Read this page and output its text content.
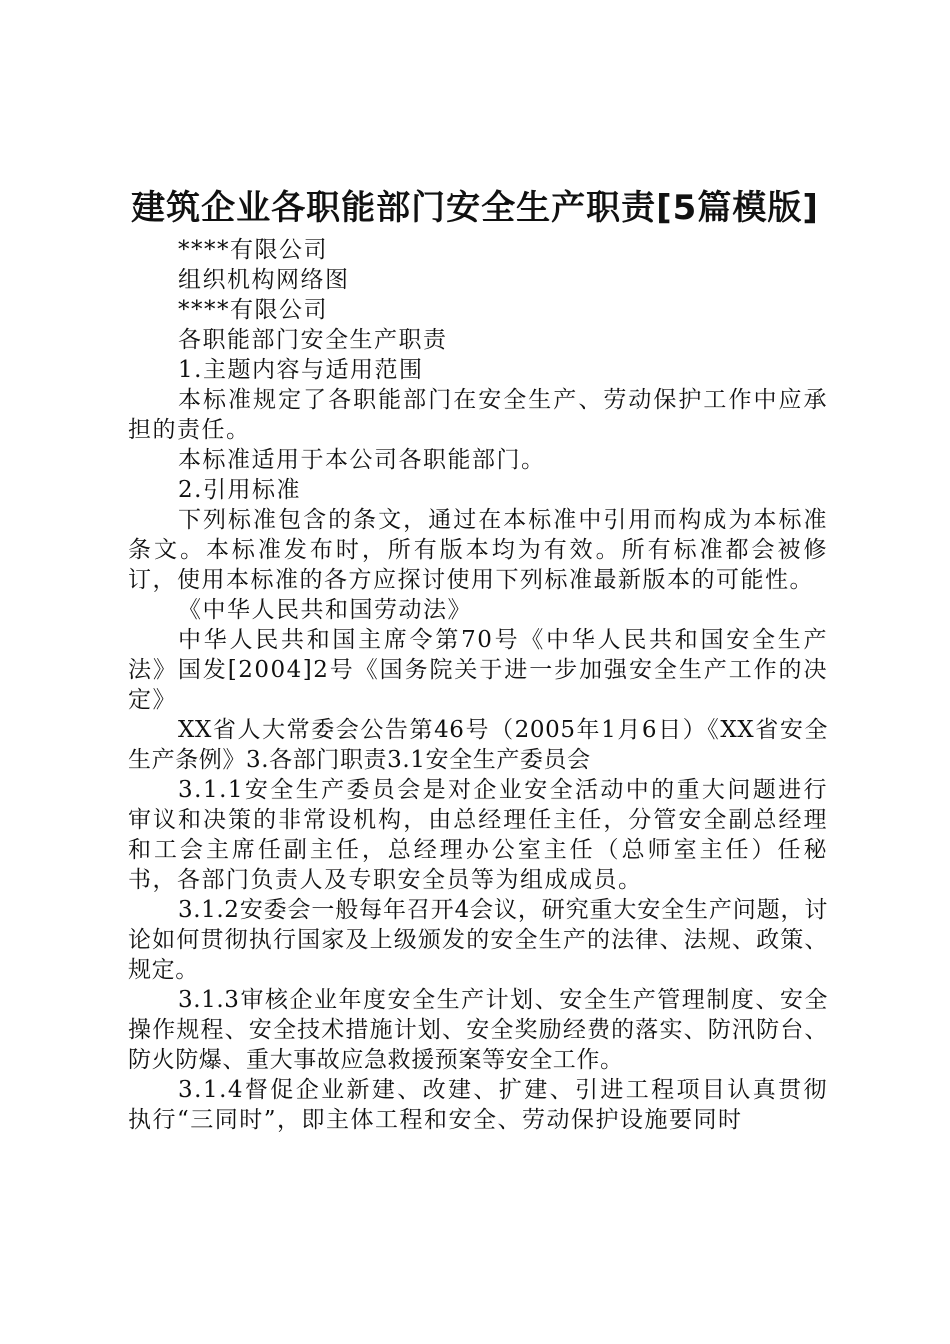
建筑企业各职能部门安全生产职责[5篇模版]

****有限公司

组织机构网络图

****有限公司

各职能部门安全生产职责

1.主题内容与适用范围

本标准规定了各职能部门在安全生产、劳动保护工作中应承担的责任。

本标准适用于本公司各职能部门。

2.引用标准

下列标准包含的条文，通过在本标准中引用而构成为本标准条文。本标准发布时，所有版本均为有效。所有标准都会被修订，使用本标准的各方应探讨使用下列标准最新版本的可能性。

《中华人民共和国劳动法》

中华人民共和国主席令第70号《中华人民共和国安全生产法》国发[2004]2号《国务院关于进一步加强安全生产工作的决定》

XX省人大常委会公告第46号（2005年1月6日）《XX省安全生产条例》3.各部门职责3.1安全生产委员会

3.1.1安全生产委员会是对企业安全活动中的重大问题进行审议和决策的非常设机构，由总经理任主任，分管安全副总经理和工会主席任副主任，总经理办公室主任（总师室主任）任秘书，各部门负责人及专职安全员等为组成成员。

3.1.2安委会一般每年召开4会议，研究重大安全生产问题，讨论如何贯彻执行国家及上级颁发的安全生产的法律、法规、政策、规定。

3.1.3审核企业年度安全生产计划、安全生产管理制度、安全操作规程、安全技术措施计划、安全奖励经费的落实、防汛防台、防火防爆、重大事故应急救援预案等安全工作。

3.1.4督促企业新建、改建、扩建、引进工程项目认真贯彻执行“三同时”，即主体工程和安全、劳动保护设施要同时
